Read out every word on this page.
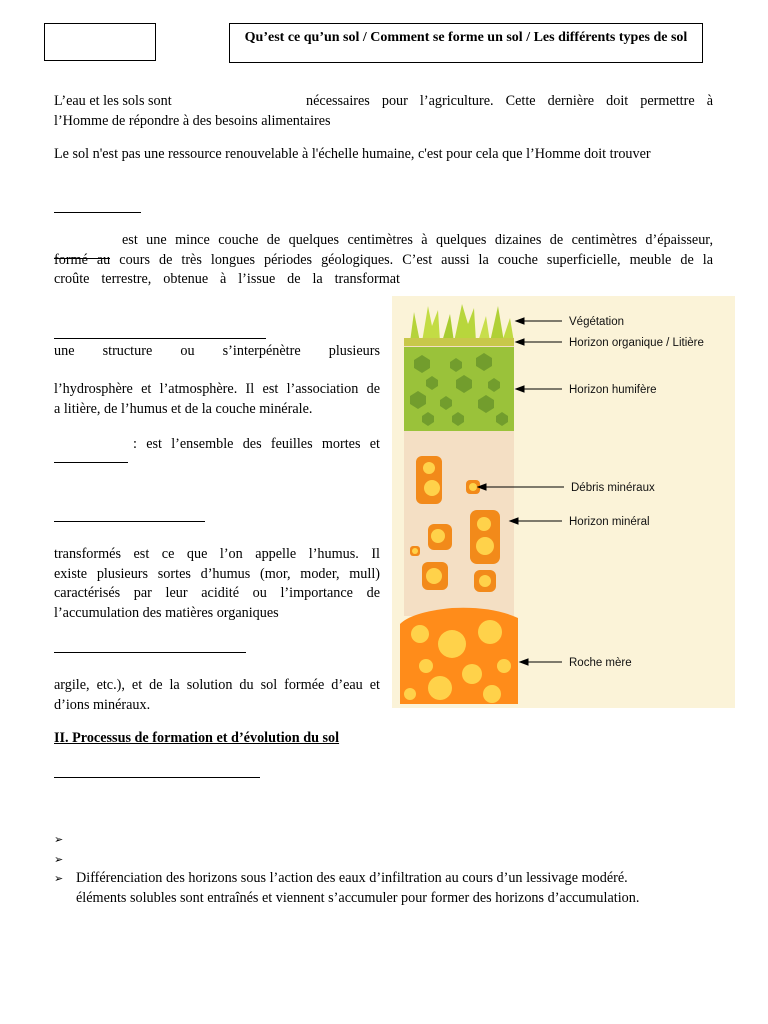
Qu’est ce qu’un sol / Comment se forme un sol / Les différents types de sol
L’eau et les sols sont	nécessaires pour l’agriculture. Cette dernière doit permettre à
l’Homme de répondre à des besoins alimentaires
Le sol n'est pas une ressource renouvelable à l'échelle humaine, c'est pour cela que l’Homme doit trouver
est une mince couche de quelques centimètres à quelques dizaines de centimètres d’épaisseur,
formé au cours de très longues périodes géologiques. C’est aussi la couche superficielle, meuble de la
croûte terrestre, obtenue à l’issue de la transformat
une structure ou s’interpénètre plusieurs
l’hydrosphère et l’atmosphère. Il est l’association de
a litière, de l’humus et de la couche minérale.
: est l’ensemble des feuilles mortes et
transformés est ce que l’on appelle l’humus. Il
existe plusieurs sortes d’humus (mor, moder, mull)
caractérisés par leur acidité ou l’importance de
l’accumulation des matières organiques
argile, etc.), et de la solution du sol formée d’eau et
d’ions minéraux.
II. Processus de formation et d’évolution du sol
➢
➢
➢ Différenciation des horizons sous l’action des eaux d’infiltration au cours d’un lessivage modéré.
éléments solubles sont entraînés et viennent s’accumuler pour former des horizons d’accumulation.
Végétation
Horizon organique / Litière
Horizon humifère
Débris minéraux
Horizon minéral
Roche mère
